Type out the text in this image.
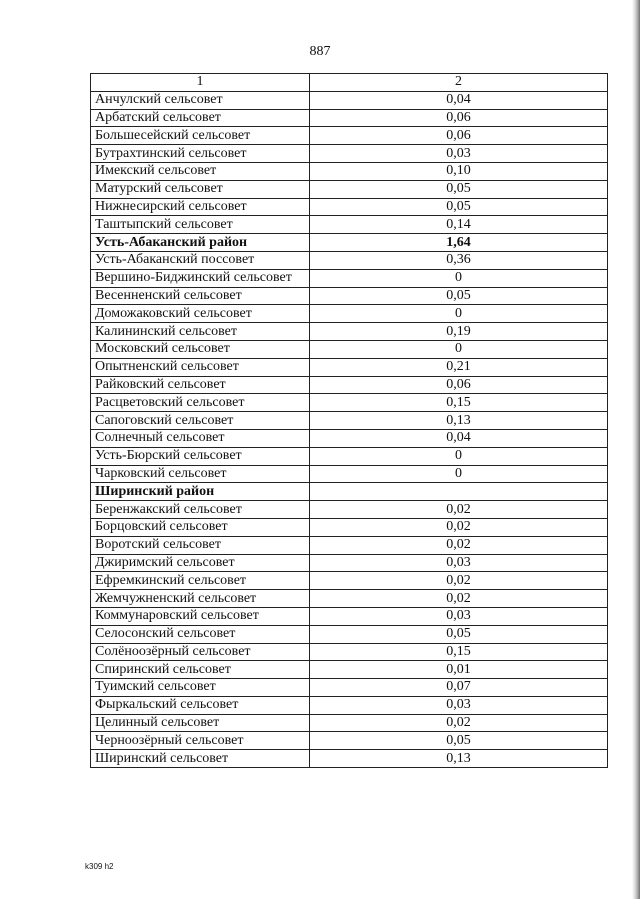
887
1	2
Анчулский сельсовет	0,04
Арбатский сельсовет	0,06
Большесейский сельсовет	0,06
Бутрахтинский сельсовет	0,03
Имекский сельсовет	0,10
Матурский сельсовет	0,05
Нижнесирский сельсовет	0,05
Таштыпский сельсовет	0,14
Усть-Абаканский район	1,64
Усть-Абаканский поссовет	0,36
Вершино-Биджинский сельсовет	0
Весенненский сельсовет	0,05
Доможаковский сельсовет	0
Калининский сельсовет	0,19
Московский сельсовет	0
Опытненский сельсовет	0,21
Райковский сельсовет	0,06
Расцветовский сельсовет	0,15
Сапоговский сельсовет	0,13
Солнечный сельсовет	0,04
Усть-Бюрский сельсовет	0
Чарковский сельсовет	0
Ширинский район	
Беренжакский сельсовет	0,02
Борцовский сельсовет	0,02
Воротский сельсовет	0,02
Джиримский сельсовет	0,03
Ефремкинский сельсовет	0,02
Жемчужненский сельсовет	0,02
Коммунаровский сельсовет	0,03
Селосонский сельсовет	0,05
Солёноозёрный сельсовет	0,15
Спиринский сельсовет	0,01
Туимский сельсовет	0,07
Фыркальский сельсовет	0,03
Целинный сельсовет	0,02
Черноозёрный сельсовет	0,05
Ширинский сельсовет	0,13
k309 h2
